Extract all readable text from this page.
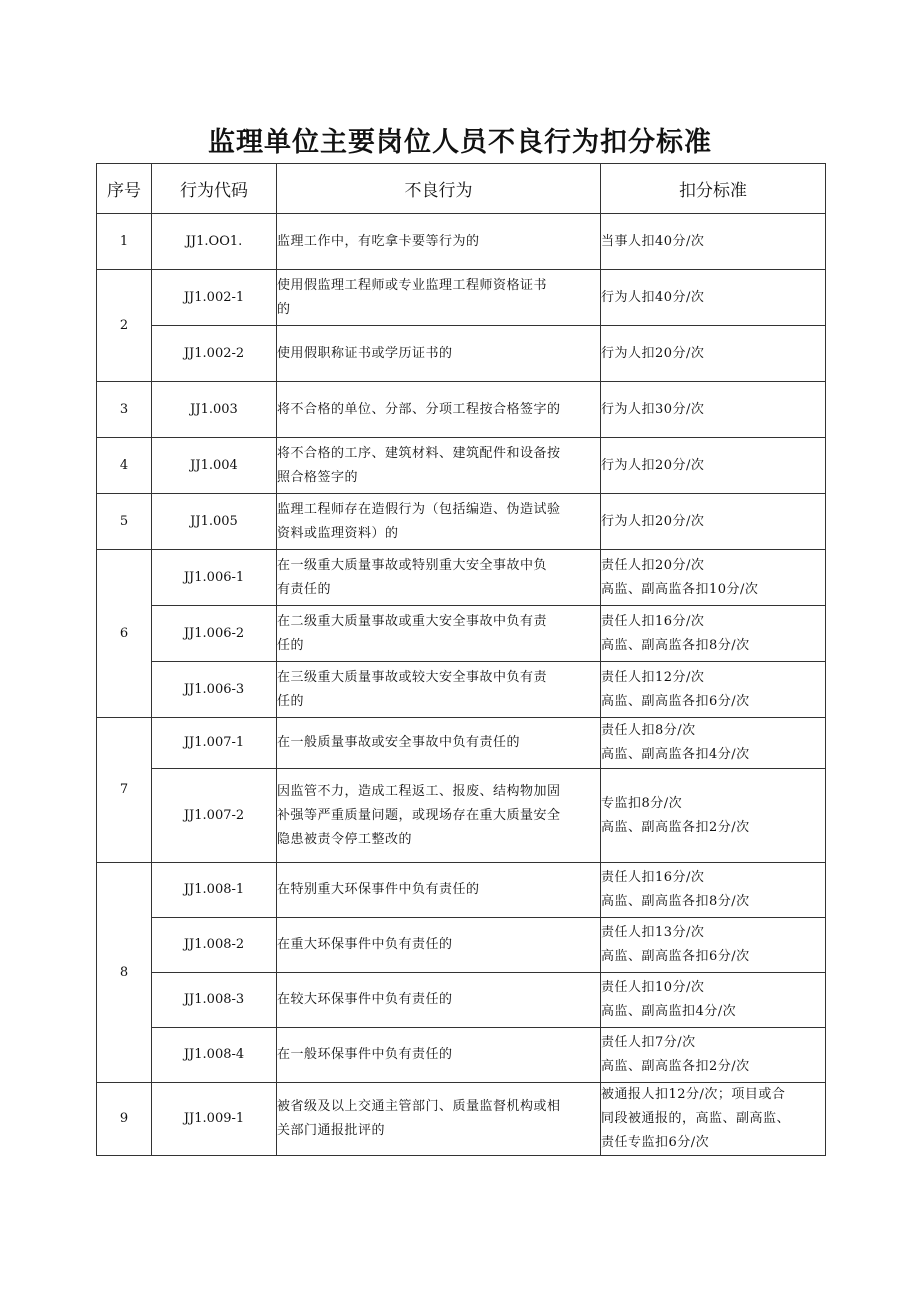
监理单位主要岗位人员不良行为扣分标准
序号	行为代码	不良行为	扣分标准
1	JJ1.OO1.	监理工作中，有吃拿卡要等行为的	当事人扣40分/次

2	JJ1.002-1	使用假监理工程师或专业监理工程师资格证书
的	行为人扣40分/次

	JJ1.002-2	使用假职称证书或学历证书的	行为人扣20分/次

3	JJ1.003	将不合格的单位、分部、分项工程按合格签字的	行为人扣30分/次

4	JJ1.004	将不合格的工序、建筑材料、建筑配件和设备按
照合格签字的	行为人扣20分/次

5	JJ1.005	监理工程师存在造假行为（包括编造、伪造试验
资料或监理资料）的	行为人扣20分/次

6	JJ1.006-1	在一级重大质量事故或特别重大安全事故中负
有责任的	责任人扣20分/次
高监、副高监各扣10分/次

	JJ1.006-2	在二级重大质量事故或重大安全事故中负有责
任的	责任人扣16分/次
高监、副高监各扣8分/次

	JJ1.006-3	在三级重大质量事故或较大安全事故中负有责
任的	责任人扣12分/次
高监、副高监各扣6分/次

7	JJ1.007-1	在一般质量事故或安全事故中负有责任的	责任人扣8分/次
高监、副高监各扣4分/次

	JJ1.007-2	因监管不力，造成工程返工、报废、结构物加固
补强等严重质量问题，或现场存在重大质量安全
隐患被责令停工整改的	专监扣8分/次
高监、副高监各扣2分/次

8	JJ1.008-1	在特别重大环保事件中负有责任的	责任人扣16分/次
高监、副高监各扣8分/次

	JJ1.008-2	在重大环保事件中负有责任的	责任人扣13分/次
高监、副高监各扣6分/次

	JJ1.008-3	在较大环保事件中负有责任的	责任人扣10分/次
高监、副高监扣4分/次

	JJ1.008-4	在一般环保事件中负有责任的	责任人扣7分/次
高监、副高监各扣2分/次

9	JJ1.009-1	被省级及以上交通主管部门、质量监督机构或相
关部门通报批评的	被通报人扣12分/次；项目或合
同段被通报的，高监、副高监、
责任专监扣6分/次
